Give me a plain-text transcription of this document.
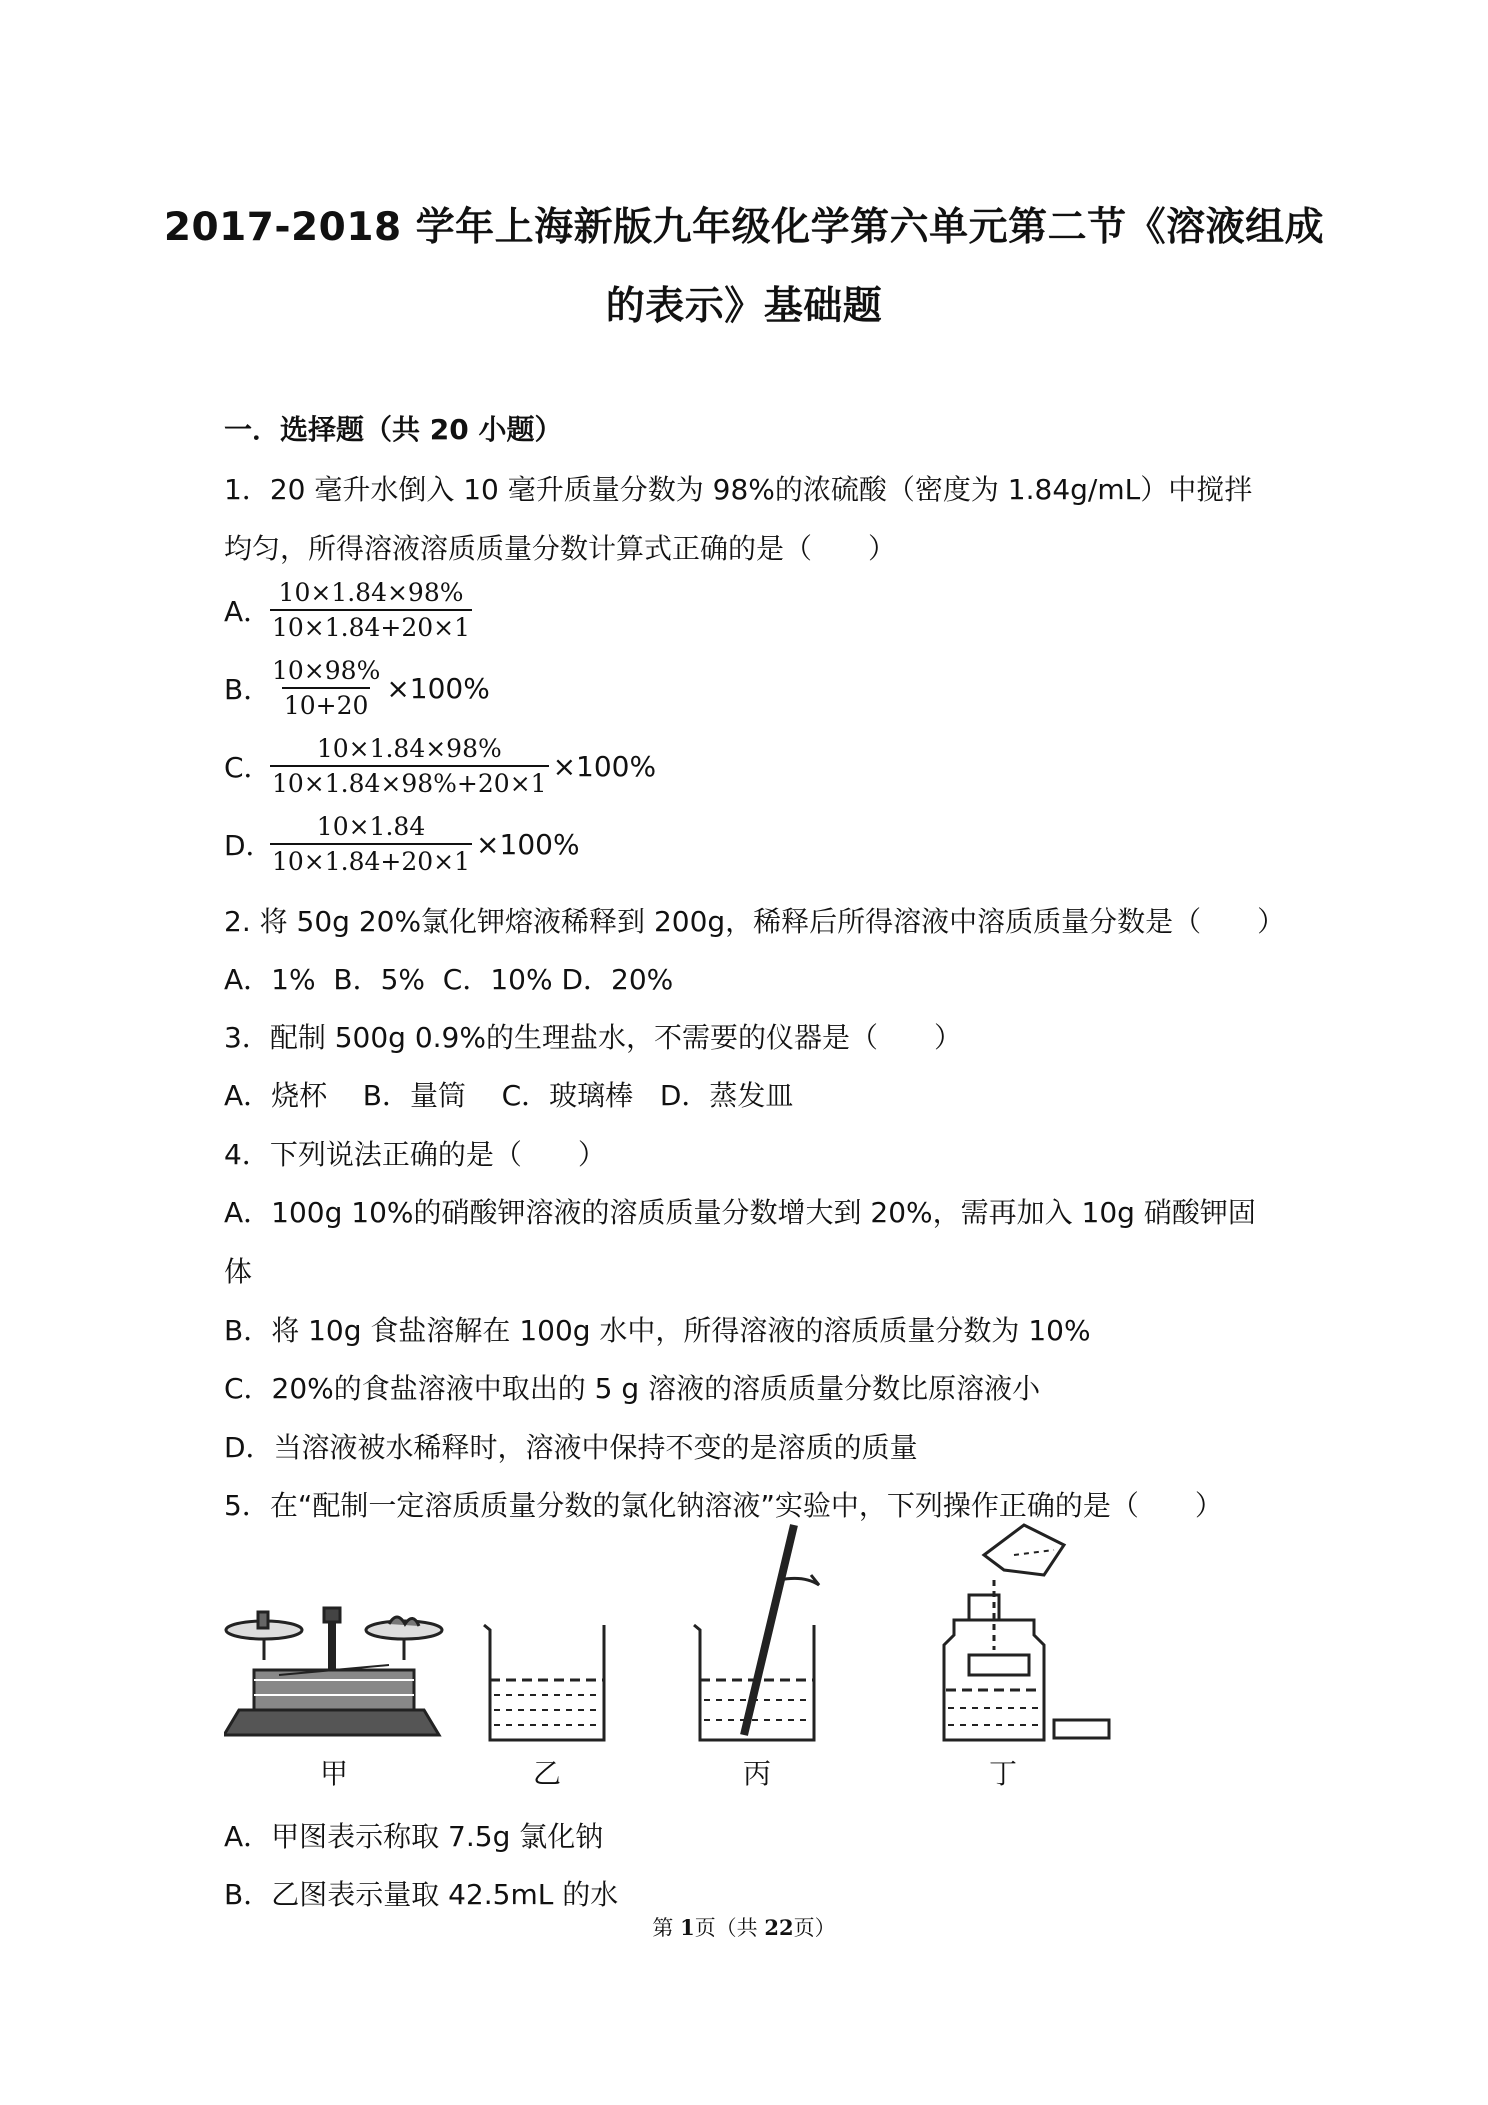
2017-2018 学年上海新版九年级化学第六单元第二节《溶液组成
的表示》基础题
一．选择题（共 20 小题）
1．20 毫升水倒入 10 毫升质量分数为 98%的浓硫酸（密度为 1.84g/mL）中搅拌
均匀，所得溶液溶质质量分数计算式正确的是（　　）
A．
$\frac{10\times 1.84\times 98\%}{10\times 1.84+20\times 1}$
B．
$\frac{10\times 98\%}{10+20} \times 100\%$
C．
$\frac{10\times 1.84\times 98\%}{10\times 1.84\times 98\%+20\times 1} \times 100\%$
D．
$\frac{10\times 1.84}{10\times 1.84+20\times 1} \times 100\%$
2. 将 50g 20%氯化钾熔液稀释到 200g，稀释后所得溶液中溶质质量分数是（　　）
A．1%  B．5%  C．10% D．20%
3．配制 500g 0.9%的生理盐水，不需要的仪器是（　　）
A．烧杯    B．量筒    C．玻璃棒   D．蒸发皿
4．下列说法正确的是（　　）
A．100g 10%的硝酸钾溶液的溶质质量分数增大到 20%，需再加入 10g 硝酸钾固
体
B．将 10g 食盐溶解在 100g 水中，所得溶液的溶质质量分数为 10%
C．20%的食盐溶液中取出的 5 g 溶液的溶质质量分数比原溶液小
D．当溶液被水稀释时，溶液中保持不变的是溶质的质量
5．在“配制一定溶质质量分数的氯化钠溶液”实验中，下列操作正确的是（　　）
甲	乙	丙	丁
A．甲图表示称取 7.5g 氯化钠
B．乙图表示量取 42.5mL 的水
第 1页（共 22页）
